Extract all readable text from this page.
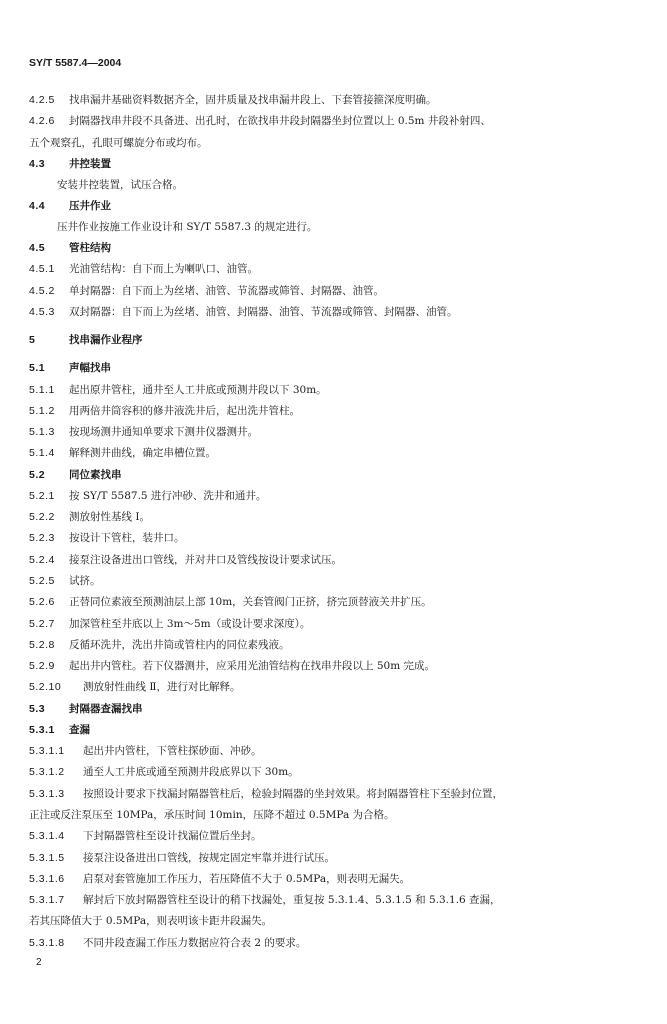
SY/T 5587.4—2004
4.2.5 找串漏井基础资料数据齐全，固井质量及找串漏井段上、下套管接箍深度明确。
4.2.6 封隔器找串井段不具备进、出孔时，在欲找串井段封隔器坐封位置以上 0.5m 井段补射四、
五个观察孔，孔眼可螺旋分布或均布。
4.3 井控装置
安装井控装置，试压合格。
4.4 压井作业
压井作业按施工作业设计和 SY/T 5587.3 的规定进行。
4.5 管柱结构
4.5.1 光油管结构：自下而上为喇叭口、油管。
4.5.2 单封隔器：自下而上为丝堵、油管、节流器或筛管、封隔器、油管。
4.5.3 双封隔器：自下而上为丝堵、油管、封隔器、油管、节流器或筛管、封隔器、油管。
5	找串漏作业程序
5.1 声幅找串
5.1.1 起出原井管柱，通井至人工井底或预测井段以下 30m。
5.1.2 用两倍井筒容积的修井液洗井后，起出洗井管柱。
5.1.3 按现场测井通知单要求下测井仪器测井。
5.1.4 解释测井曲线，确定串槽位置。
5.2 同位素找串
5.2.1 按 SY/T 5587.5 进行冲砂、洗井和通井。
5.2.2 测放射性基线 Ⅰ。
5.2.3 按设计下管柱，装井口。
5.2.4 接泵注设备进出口管线，并对井口及管线按设计要求试压。
5.2.5 试挤。
5.2.6 正替同位素液至预测油层上部 10m，关套管阀门正挤，挤完顶替液关井扩压。
5.2.7 加深管柱至井底以上 3m～5m（或设计要求深度）。
5.2.8 反循环洗井，洗出井筒或管柱内的同位素残液。
5.2.9 起出井内管柱。若下仪器测井，应采用光油管结构在找串井段以上 50m 完成。
5.2.10 测放射性曲线 Ⅱ，进行对比解释。
5.3 封隔器查漏找串
5.3.1 查漏
5.3.1.1 起出井内管柱，下管柱探砂面、冲砂。
5.3.1.2 通至人工井底或通至预测井段底界以下 30m。
5.3.1.3 按照设计要求下找漏封隔器管柱后，检验封隔器的坐封效果。将封隔器管柱下至验封位置，
正注或反注泵压至 10MPa，承压时间 10min，压降不超过 0.5MPa 为合格。
5.3.1.4 下封隔器管柱至设计找漏位置后坐封。
5.3.1.5 接泵注设备进出口管线，按规定固定牢靠并进行试压。
5.3.1.6 启泵对套管施加工作压力，若压降值不大于 0.5MPa，则表明无漏失。
5.3.1.7 解封后下放封隔器管柱至设计的稍下找漏处，重复按 5.3.1.4、5.3.1.5 和 5.3.1.6 查漏，
若其压降值大于 0.5MPa，则表明该卡距井段漏失。
5.3.1.8 不同井段查漏工作压力数据应符合表 2 的要求。
2
